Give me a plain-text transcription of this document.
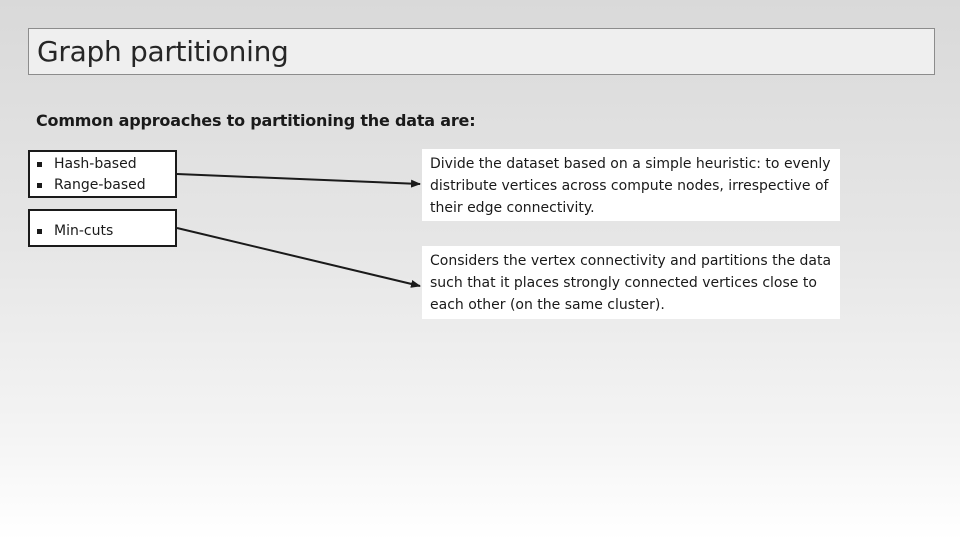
Graph partitioning
Common approaches to partitioning the data are:
Hash-based
Range-based
Min-cuts
Divide the dataset based on a simple heuristic: to evenly distribute vertices across compute nodes, irrespective of their edge connectivity.
Considers the vertex connectivity and partitions the data such that it places strongly connected vertices close to each other (on the same cluster).
